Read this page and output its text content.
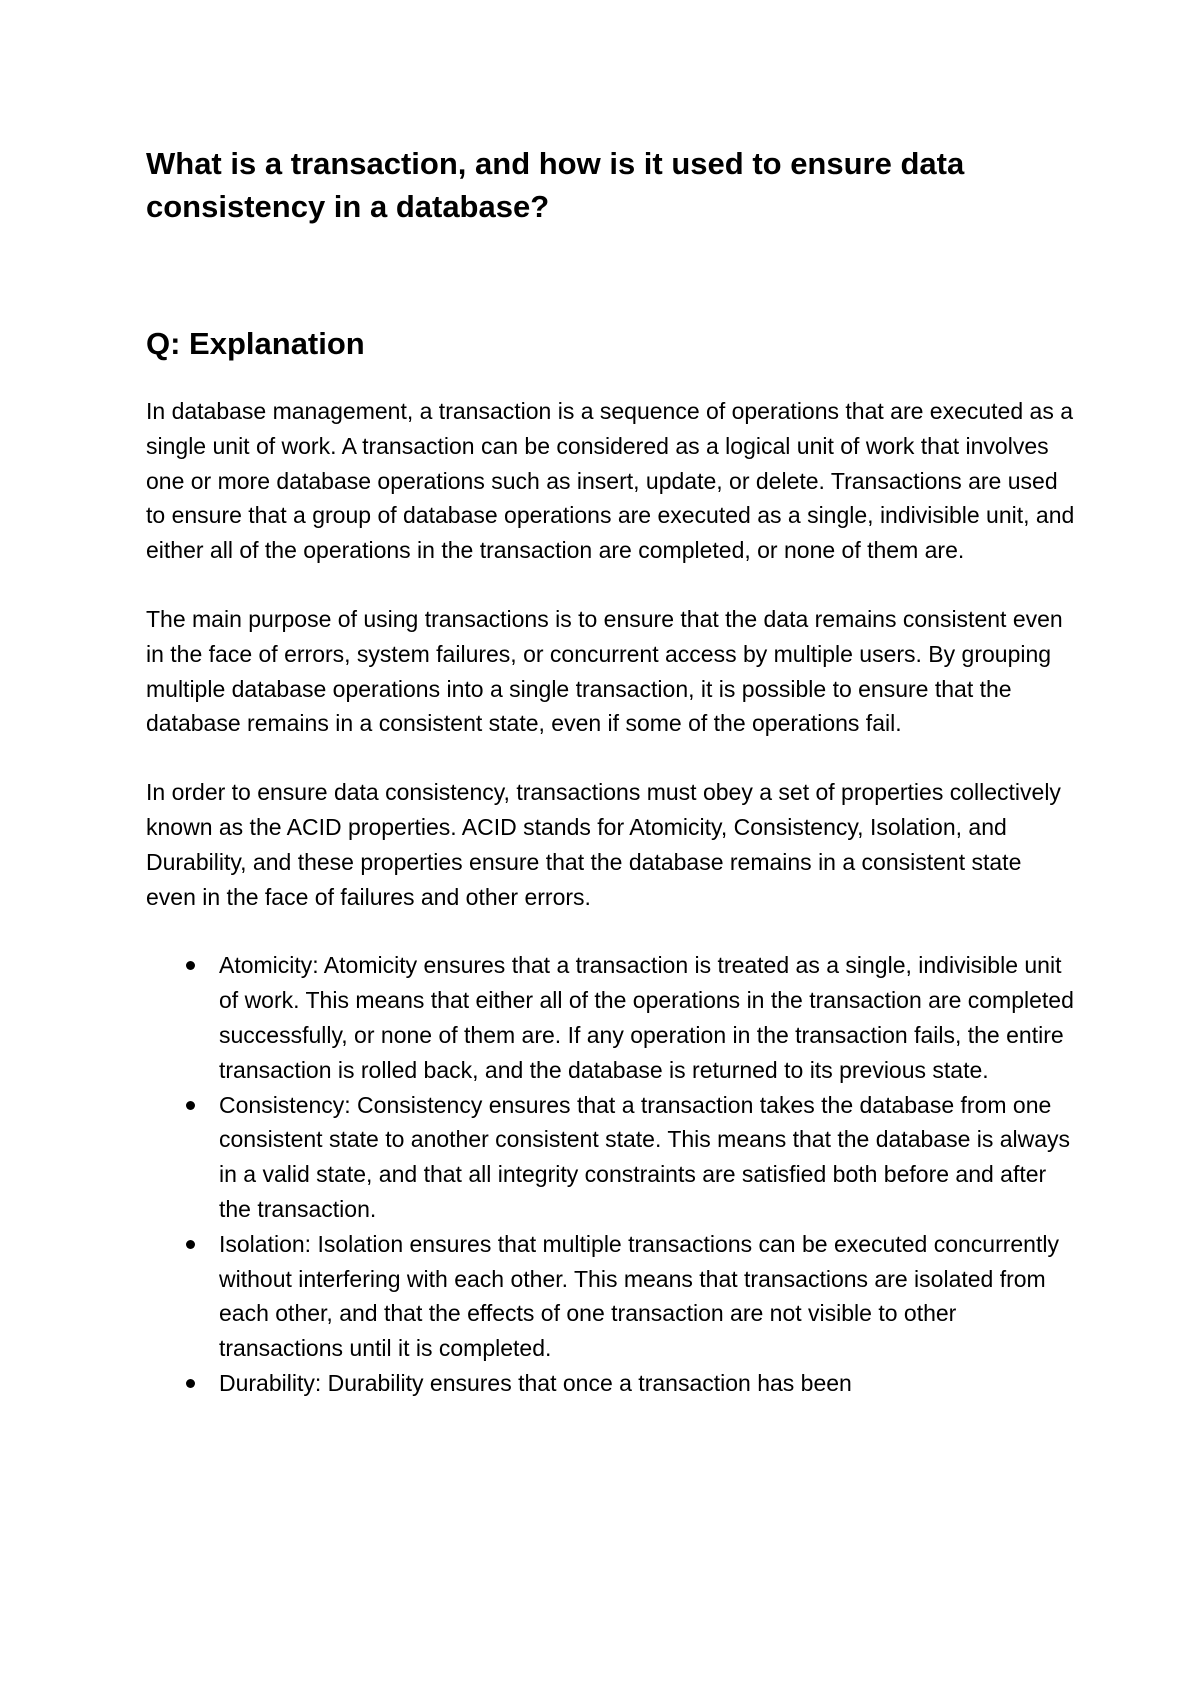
What is a transaction, and how is it used to ensure data consistency in a database?
Q: Explanation

In database management, a transaction is a sequence of operations that are executed as a single unit of work. A transaction can be considered as a logical unit of work that involves one or more database operations such as insert, update, or delete. Transactions are used to ensure that a group of database operations are executed as a single, indivisible unit, and either all of the operations in the transaction are completed, or none of them are.

The main purpose of using transactions is to ensure that the data remains consistent even in the face of errors, system failures, or concurrent access by multiple users. By grouping multiple database operations into a single transaction, it is possible to ensure that the database remains in a consistent state, even if some of the operations fail.

In order to ensure data consistency, transactions must obey a set of properties collectively known as the ACID properties. ACID stands for Atomicity, Consistency, Isolation, and Durability, and these properties ensure that the database remains in a consistent state even in the face of failures and other errors.

Atomicity: Atomicity ensures that a transaction is treated as a single, indivisible unit of work. This means that either all of the operations in the transaction are completed successfully, or none of them are. If any operation in the transaction fails, the entire transaction is rolled back, and the database is returned to its previous state.
Consistency: Consistency ensures that a transaction takes the database from one consistent state to another consistent state. This means that the database is always in a valid state, and that all integrity constraints are satisfied both before and after the transaction.
Isolation: Isolation ensures that multiple transactions can be executed concurrently without interfering with each other. This means that transactions are isolated from each other, and that the effects of one transaction are not visible to other transactions until it is completed.
Durability: Durability ensures that once a transaction has been
